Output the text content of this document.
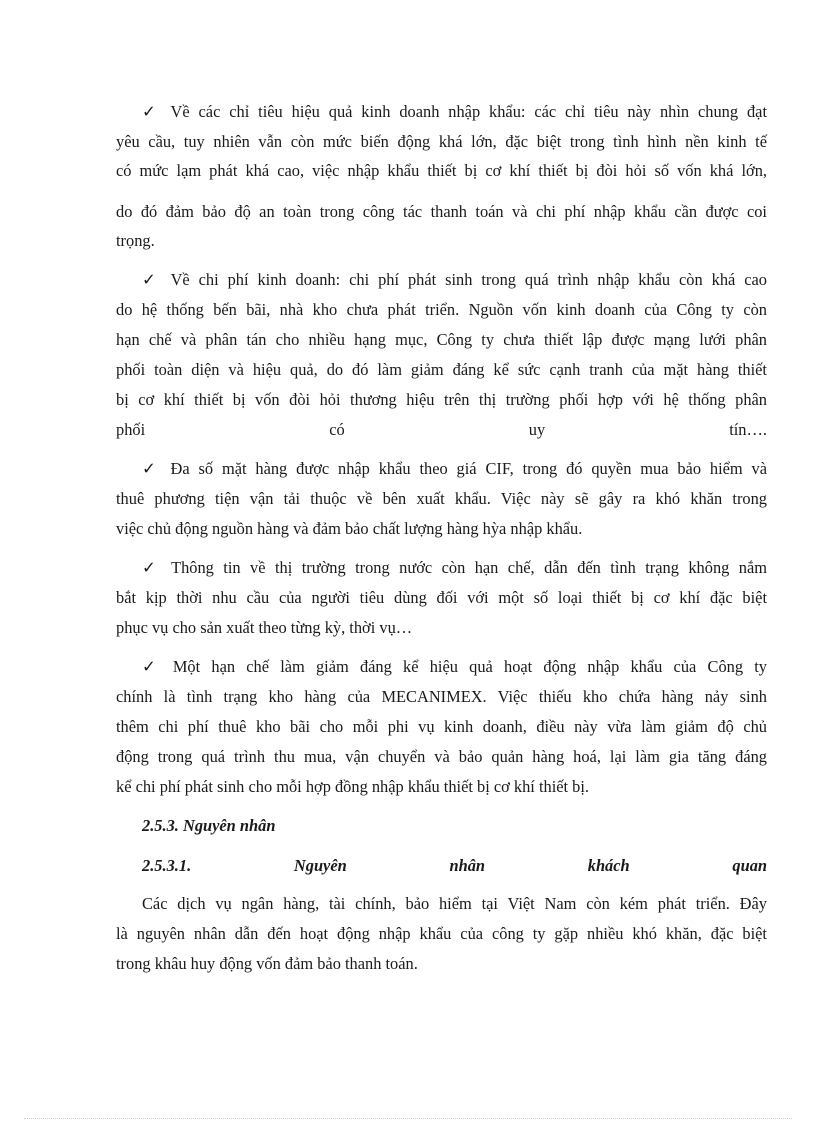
✓ Về các chỉ tiêu hiệu quả kinh doanh nhập khẩu: các chỉ tiêu này nhìn chung đạt
yêu cầu, tuy nhiên vẫn còn mức biến động khá lớn, đặc biệt trong tình hình nền kinh tế
có mức lạm phát khá cao, việc nhập khẩu thiết bị cơ khí thiết bị đòi hỏi số vốn khá lớn,
do đó đảm bảo độ an toàn trong công tác thanh toán và chi phí nhập khẩu cần được coi
trọng.
✓ Về chi phí kinh doanh: chi phí phát sinh trong quá trình nhập khẩu còn khá cao
do hệ thống bến bãi, nhà kho chưa phát triển. Nguồn vốn kinh doanh của Công ty còn
hạn chế và phân tán cho nhiều hạng mục, Công ty chưa thiết lập được mạng lưới phân
phối toàn diện và hiệu quả, do đó làm giảm đáng kể sức cạnh tranh của mặt hàng thiết
bị cơ khí thiết bị vốn đòi hỏi thương hiệu trên thị trường phối hợp với hệ thống phân
phối có uy tín….
✓ Đa số mặt hàng được nhập khẩu theo giá CIF, trong đó quyền mua bảo hiểm và
thuê phương tiện vận tải thuộc về bên xuất khẩu. Việc này sẽ gây ra khó khăn trong
việc chủ động nguồn hàng và đảm bảo chất lượng hàng hỳa nhập khẩu.
✓ Thông tin về thị trường trong nước còn hạn chế, dẫn đến tình trạng không nắm
bắt kịp thời nhu cầu của người tiêu dùng đối với một số loại thiết bị cơ khí đặc biệt
phục vụ cho sản xuất theo từng kỳ, thời vụ…
✓ Một hạn chế làm giảm đáng kể hiệu quả hoạt động nhập khẩu của Công ty
chính là tình trạng kho hàng của MECANIMEX. Việc thiếu kho chứa hàng nảy sinh
thêm chi phí thuê kho bãi cho mỗi phi vụ kinh doanh, điều này vừa làm giảm độ chủ
động trong quá trình thu mua, vận chuyển và bảo quản hàng hoá, lại làm gia tăng đáng
kể chi phí phát sinh cho mỗi hợp đồng nhập khẩu thiết bị cơ khí thiết bị.
2.5.3. Nguyên nhân
2.5.3.1. Nguyên nhân khách quan
Các dịch vụ ngân hàng, tài chính, bảo hiểm tại Việt Nam còn kém phát triển. Đây
là nguyên nhân dẫn đến hoạt động nhập khẩu của công ty gặp nhiều khó khăn, đặc biệt
trong khâu huy động vốn đảm bảo thanh toán.
